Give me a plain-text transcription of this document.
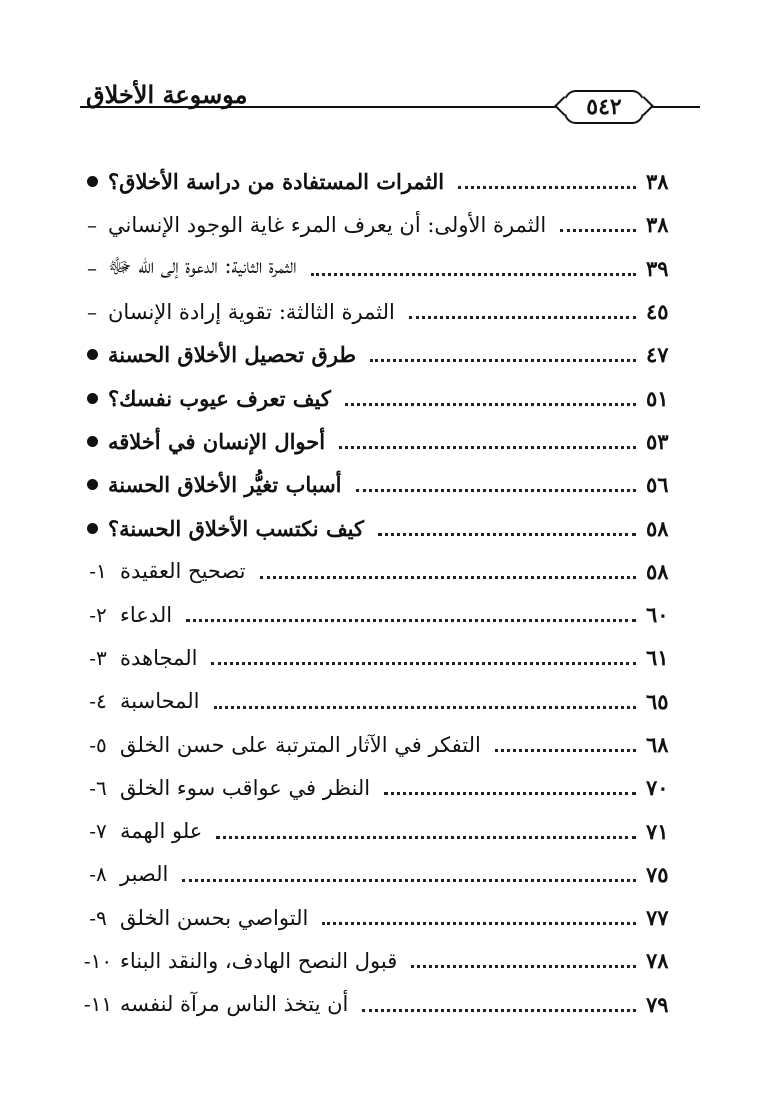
موسوعة الأخلاق	٥٤٢
الثمرات المستفادة من دراسة الأخلاق؟	٣٨
– الثمرة الأولى: أن يعرف المرء غاية الوجود الإنساني	٣٨
– الثمرة الثانية: الدعوة إلى الله ﷻ	٣٩
– الثمرة الثالثة: تقوية إرادة الإنسان	٤٥
طرق تحصيل الأخلاق الحسنة	٤٧
كيف تعرف عيوب نفسك؟	٥١
أحوال الإنسان في أخلاقه	٥٣
أسباب تغيُّر الأخلاق الحسنة	٥٦
كيف نكتسب الأخلاق الحسنة؟	٥٨
١- تصحيح العقيدة	٥٨
٢- الدعاء	٦٠
٣- المجاهدة	٦١
٤- المحاسبة	٦٥
٥- التفكر في الآثار المترتبة على حسن الخلق	٦٨
٦- النظر في عواقب سوء الخلق	٧٠
٧- علو الهمة	٧١
٨- الصبر	٧٥
٩- التواصي بحسن الخلق	٧٧
١٠- قبول النصح الهادف، والنقد البناء	٧٨
١١- أن يتخذ الناس مرآة لنفسه	٧٩
